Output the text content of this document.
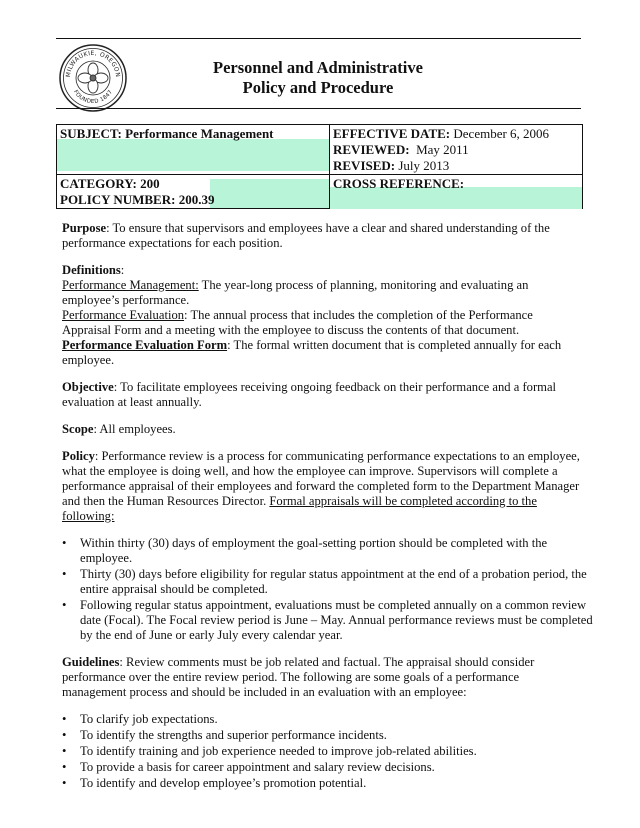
MILWAUKIE, OREGON
FOUNDED 1847
Personnel and Administrative
Policy and Procedure
SUBJECT: Performance Management	EFFECTIVE DATE: December 6, 2006
REVIEWED: May 2011
REVISED: July 2013

CATEGORY: 200
POLICY NUMBER: 200.39	CROSS REFERENCE:

Purpose: To ensure that supervisors and employees have a clear and shared understanding of the performance expectations for each position.

Definitions:
Performance Management: The year-long process of planning, monitoring and evaluating an employee’s performance.
Performance Evaluation: The annual process that includes the completion of the Performance Appraisal Form and a meeting with the employee to discuss the contents of that document.
Performance Evaluation Form: The formal written document that is completed annually for each employee.

Objective: To facilitate employees receiving ongoing feedback on their performance and a formal evaluation at least annually.

Scope: All employees.

Policy: Performance review is a process for communicating performance expectations to an employee, what the employee is doing well, and how the employee can improve. Supervisors will complete a performance appraisal of their employees and forward the completed form to the Department Manager and then the Human Resources Director. Formal appraisals will be completed according to the following:

• Within thirty (30) days of employment the goal-setting portion should be completed with the employee.
• Thirty (30) days before eligibility for regular status appointment at the end of a probation period, the entire appraisal should be completed.
• Following regular status appointment, evaluations must be completed annually on a common review date (Focal). The Focal review period is June – May. Annual performance reviews must be completed by the end of June or early July every calendar year.

Guidelines: Review comments must be job related and factual. The appraisal should consider performance over the entire review period. The following are some goals of a performance management process and should be included in an evaluation with an employee:

• To clarify job expectations.
• To identify the strengths and superior performance incidents.
• To identify training and job experience needed to improve job-related abilities.
• To provide a basis for career appointment and salary review decisions.
• To identify and develop employee’s promotion potential.
